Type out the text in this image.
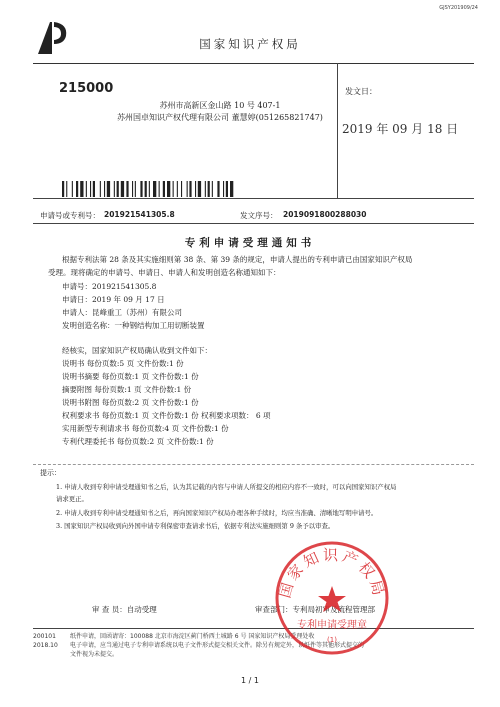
GJSY201909/24
国家知识产权局
215000
苏州市高新区金山路 10 号 407-1
苏州国卓知识产权代理有限公司 董慧婷(051265821747)
发文日：
2019 年 09 月 18 日
申请号或专利号： 201921541305.8	发文序号： 2019091800288030
专利申请受理通知书
根据专利法第 28 条及其实施细则第 38 条、第 39 条的规定，申请人提出的专利申请已由国家知识产权局
受理。现将确定的申请号、申请日、申请人和发明创造名称通知如下：
申请号：201921541305.8
申请日：2019 年 09 月 17 日
申请人：昆峰重工（苏州）有限公司
发明创造名称：一种钢结构加工用切断装置
经核实，国家知识产权局确认收到文件如下：
说明书 每份页数:5 页 文件份数:1 份
说明书摘要 每份页数:1 页 文件份数:1 份
摘要附图 每份页数:1 页 文件份数:1 份
说明书附图 每份页数:2 页 文件份数:1 份
权利要求书 每份页数:1 页 文件份数:1 份 权利要求项数： 6 项
实用新型专利请求书 每份页数:4 页 文件份数:1 份
专利代理委托书 每份页数:2 页 文件份数:1 份
提示：
1. 申请人收到专利申请受理通知书之后，认为其记载的内容与申请人所提交的相应内容不一致时，可以向国家知识产权局
请求更正。
2. 申请人收到专利申请受理通知书之后，再向国家知识产权局办理各种手续时，均应当准确、清晰地写明申请号。
3. 国家知识产权局收到向外国申请专利保密审查请求书后，依据专利法实施细则第 9 条予以审查。
审 查 员：自动受理	审查部门：专利局初审及流程管理部
200101
2018.10
纸件申请，回函请寄：100088 北京市海淀区蓟门桥西土城路 6 号 国家知识产权局受理处收
电子申请，应当通过电子专利申请系统以电子文件形式提交相关文件。除另有规定外，以纸件等其他形式提交的
文件视为未提交。
1 / 1
国家知识产权局
专利申请受理章
(1)
